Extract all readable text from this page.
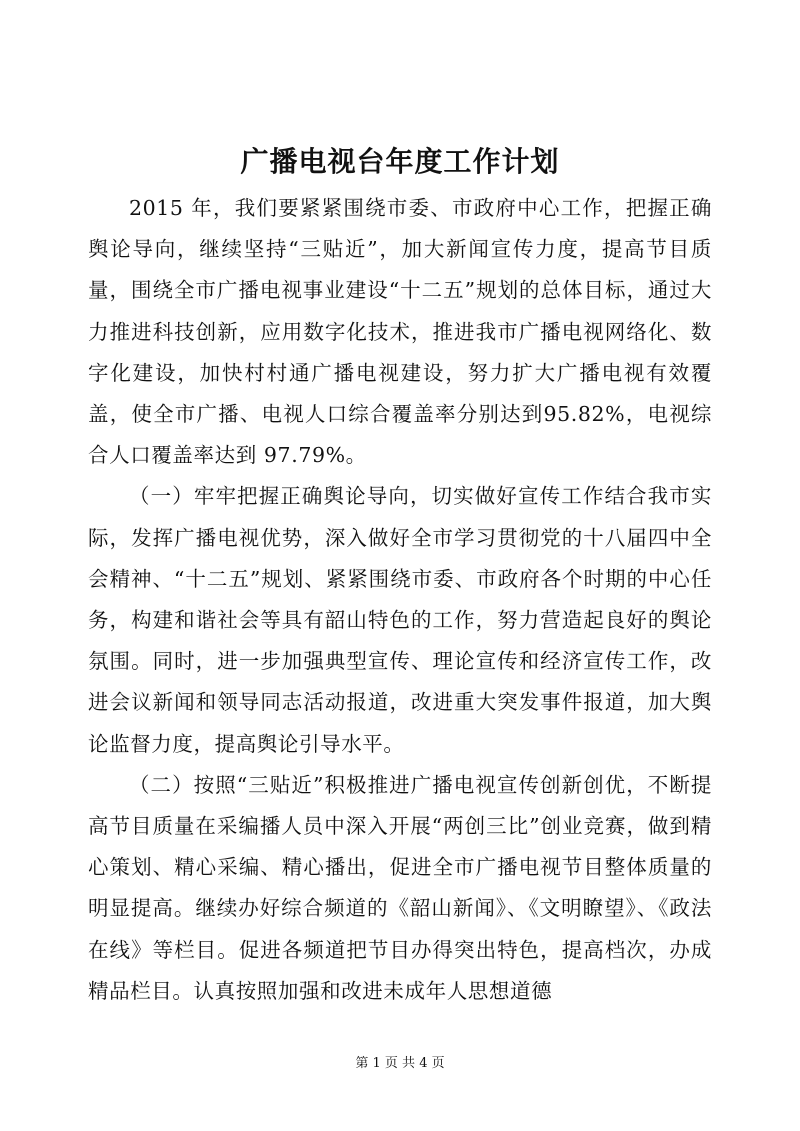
广播电视台年度工作计划

2015 年，我们要紧紧围绕市委、市政府中心工作，把握正确舆论导向，继续坚持“三贴近”，加大新闻宣传力度，提高节目质量，围绕全市广播电视事业建设“十二五”规划的总体目标，通过大力推进科技创新，应用数字化技术，推进我市广播电视网络化、数字化建设，加快村村通广播电视建设，努力扩大广播电视有效覆盖，使全市广播、电视人口综合覆盖率分别达到95.82%，电视综合人口覆盖率达到 97.79%。

（一）牢牢把握正确舆论导向，切实做好宣传工作结合我市实际，发挥广播电视优势，深入做好全市学习贯彻党的十八届四中全会精神、“十二五”规划、紧紧围绕市委、市政府各个时期的中心任务，构建和谐社会等具有韶山特色的工作，努力营造起良好的舆论氛围。同时，进一步加强典型宣传、理论宣传和经济宣传工作，改进会议新闻和领导同志活动报道，改进重大突发事件报道，加大舆论监督力度，提高舆论引导水平。

（二）按照“三贴近”积极推进广播电视宣传创新创优，不断提高节目质量在采编播人员中深入开展“两创三比”创业竞赛，做到精心策划、精心采编、精心播出，促进全市广播电视节目整体质量的明显提高。继续办好综合频道的《韶山新闻》、《文明瞭望》、《政法在线》等栏目。促进各频道把节目办得突出特色，提高档次，办成精品栏目。认真按照加强和改进未成年人思想道德

第 1 页 共 4 页
